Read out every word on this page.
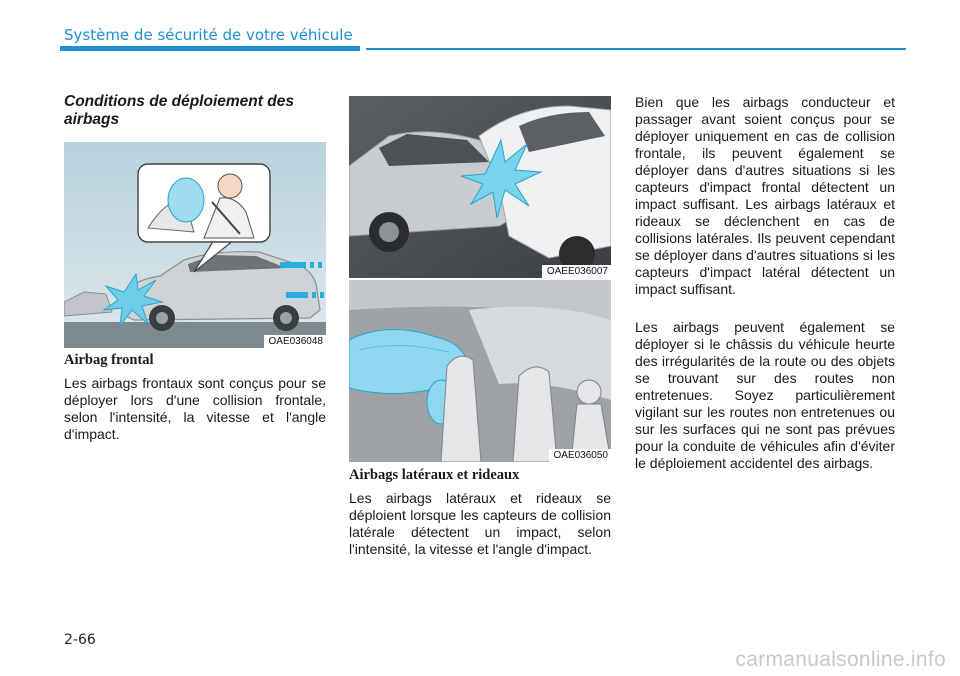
Système de sécurité de votre véhicule
Conditions de déploiement des airbags
OAE036048
Airbag frontal

Les airbags frontaux sont conçus pour se déployer lors d'une collision frontale, selon l'intensité, la vitesse et l'angle d'impact.

OAEE036007
OAE036050
Airbags latéraux et rideaux

Les airbags latéraux et rideaux se déploient lorsque les capteurs de collision latérale détectent un impact, selon l'intensité, la vitesse et l'angle d'impact.

Bien que les airbags conducteur et passager avant soient conçus pour se déployer uniquement en cas de collision frontale, ils peuvent également se déployer dans d'autres situations si les capteurs d'impact frontal détectent un impact suffisant. Les airbags latéraux et rideaux se déclenchent en cas de collisions latérales. Ils peuvent cependant se déployer dans d'autres situations si les capteurs d'impact latéral détectent un impact suffisant.

Les airbags peuvent également se déployer si le châssis du véhicule heurte des irrégularités de la route ou des objets se trouvant sur des routes non entretenues. Soyez particulièrement vigilant sur les routes non entretenues ou sur les surfaces qui ne sont pas prévues pour la conduite de véhicules afin d'éviter le déploiement accidentel des airbags.

2-66
carmanualsonline.info
